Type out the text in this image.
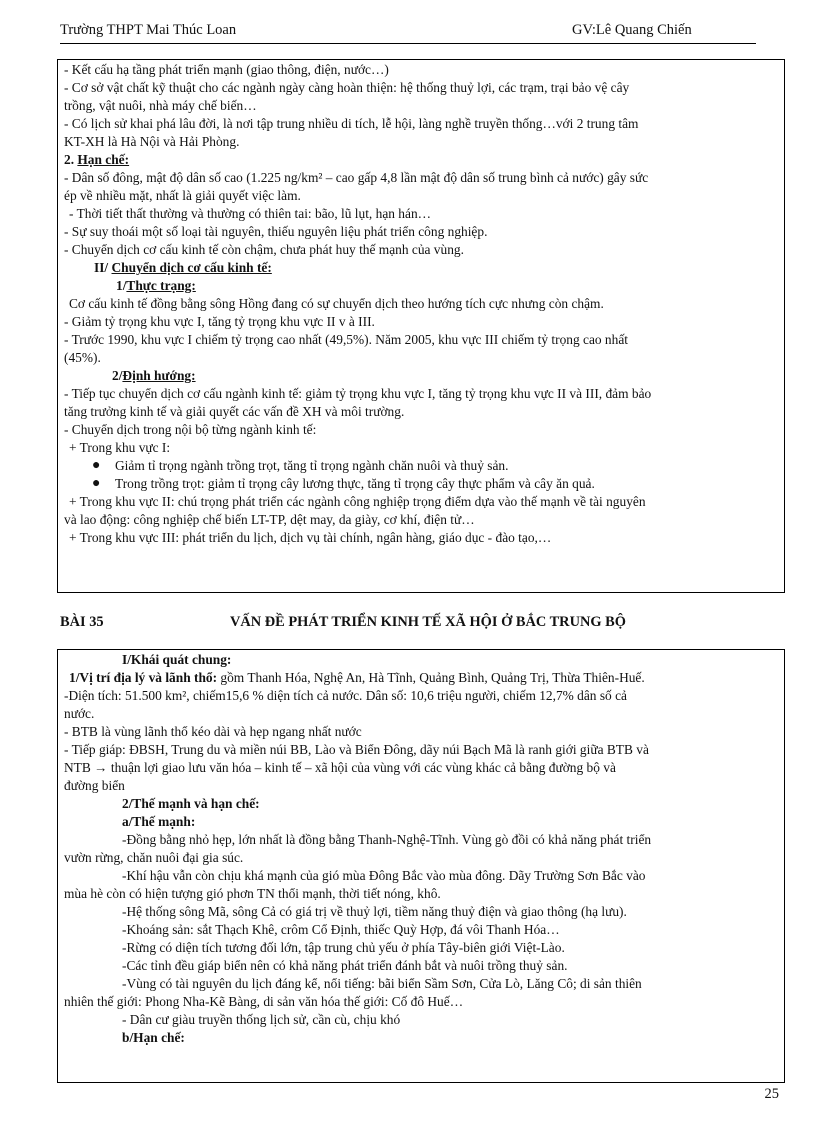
Trường THPT Mai Thúc Loan	GV:Lê Quang Chiến
- Kết cấu hạ tầng phát triển mạnh (giao thông, điện, nước…)
- Cơ sở vật chất kỹ thuật cho các ngành ngày càng hoàn thiện: hệ thống thuỷ lợi, các trạm, trại bảo vệ cây
trồng, vật nuôi, nhà máy chế biến…
- Có lịch sử khai phá lâu đời, là nơi tập trung nhiều di tích, lễ hội, làng nghề truyền thống…với 2 trung tâm
KT-XH là Hà Nội và Hải Phòng.
2. Hạn chế:
- Dân số đông, mật độ dân số cao (1.225 ng/km² – cao gấp 4,8 lần mật độ dân số trung bình cả nước) gây sức
ép về nhiều mặt, nhất là giải quyết việc làm.
- Thời tiết thất thường và thường có thiên tai: bão, lũ lụt, hạn hán…
- Sự suy thoái một số loại tài nguyên, thiếu nguyên liệu phát triển công nghiệp.
- Chuyển dịch cơ cấu kinh tế còn chậm, chưa phát huy thế mạnh của vùng.
II/ Chuyển dịch cơ cấu kinh tế:
1/Thực trạng:
Cơ cấu kinh tế đồng bằng sông Hồng đang có sự chuyển dịch theo hướng tích cực nhưng còn chậm.
- Giảm tỷ trọng khu vực I, tăng tỷ trọng khu vực II v à III.
- Trước 1990, khu vực I chiếm tỷ trọng cao nhất (49,5%). Năm 2005, khu vực III chiếm tỷ trọng cao nhất
(45%).
2/Định hướng:
- Tiếp tục chuyển dịch cơ cấu ngành kinh tế: giảm tỷ trọng khu vực I, tăng tỷ trọng khu vực II và III, đảm bảo
tăng trưởng kinh tế và giải quyết các vấn đề XH và môi trường.
- Chuyển dịch trong nội bộ từng ngành kinh tế:
+ Trong khu vực I:
● Giảm tỉ trọng ngành trồng trọt, tăng tỉ trọng ngành chăn nuôi và thuỷ sản.
● Trong trồng trọt: giảm tỉ trọng cây lương thực, tăng tỉ trọng cây thực phẩm và cây ăn quả.
+ Trong khu vực II: chú trọng phát triển các ngành công nghiệp trọng điểm dựa vào thế mạnh về tài nguyên
và lao động: công nghiệp chế biến LT-TP, dệt may, da giày, cơ khí, điện tử…
+ Trong khu vực III: phát triển du lịch, dịch vụ tài chính, ngân hàng, giáo dục - đào tạo,…
BÀI 35	VẤN ĐỀ PHÁT TRIỂN KINH TẾ XÃ HỘI Ở BẮC TRUNG BỘ
I/Khái quát chung:
1/Vị trí địa lý và lãnh thổ: gồm Thanh Hóa, Nghệ An, Hà Tĩnh, Quảng Bình, Quảng Trị, Thừa Thiên-Huế.
-Diện tích: 51.500 km², chiếm15,6 % diện tích cả nước. Dân số: 10,6 triệu người, chiếm 12,7% dân số cả
nước.
- BTB là vùng lãnh thổ kéo dài và hẹp ngang nhất nước
- Tiếp giáp: ĐBSH, Trung du và miền núi BB, Lào và Biển Đông, dãy núi Bạch Mã là ranh giới giữa BTB và
NTB → thuận lợi giao lưu văn hóa – kinh tế – xã hội của vùng với các vùng khác cả bằng đường bộ và
đường biển
2/Thế mạnh và hạn chế:
a/Thế mạnh:
-Đồng bằng nhỏ hẹp, lớn nhất là đồng bằng Thanh-Nghệ-Tĩnh. Vùng gò đồi có khả năng phát triển
vườn rừng, chăn nuôi đại gia súc.
-Khí hậu vẫn còn chịu khá mạnh của gió mùa Đông Bắc vào mùa đông. Dãy Trường Sơn Bắc vào
mùa hè còn có hiện tượng gió phơn TN thổi mạnh, thời tiết nóng, khô.
-Hệ thống sông Mã, sông Cả có giá trị về thuỷ lợi, tiềm năng thuỷ điện và giao thông (hạ lưu).
-Khoáng sản: sắt Thạch Khê, crôm Cổ Định, thiếc Quỳ Hợp, đá vôi Thanh Hóa…
-Rừng có diện tích tương đối lớn, tập trung chủ yếu ở phía Tây-biên giới Việt-Lào.
-Các tỉnh đều giáp biển nên có khả năng phát triển đánh bắt và nuôi trồng thuỷ sản.
-Vùng có tài nguyên du lịch đáng kể, nổi tiếng: bãi biển Sầm Sơn, Cửa Lò, Lăng Cô; di sản thiên
nhiên thế giới: Phong Nha-Kẽ Bàng, di sản văn hóa thế giới: Cố đô Huế…
- Dân cư giàu truyền thống lịch sử, cần cù, chịu khó
b/Hạn chế:
25
